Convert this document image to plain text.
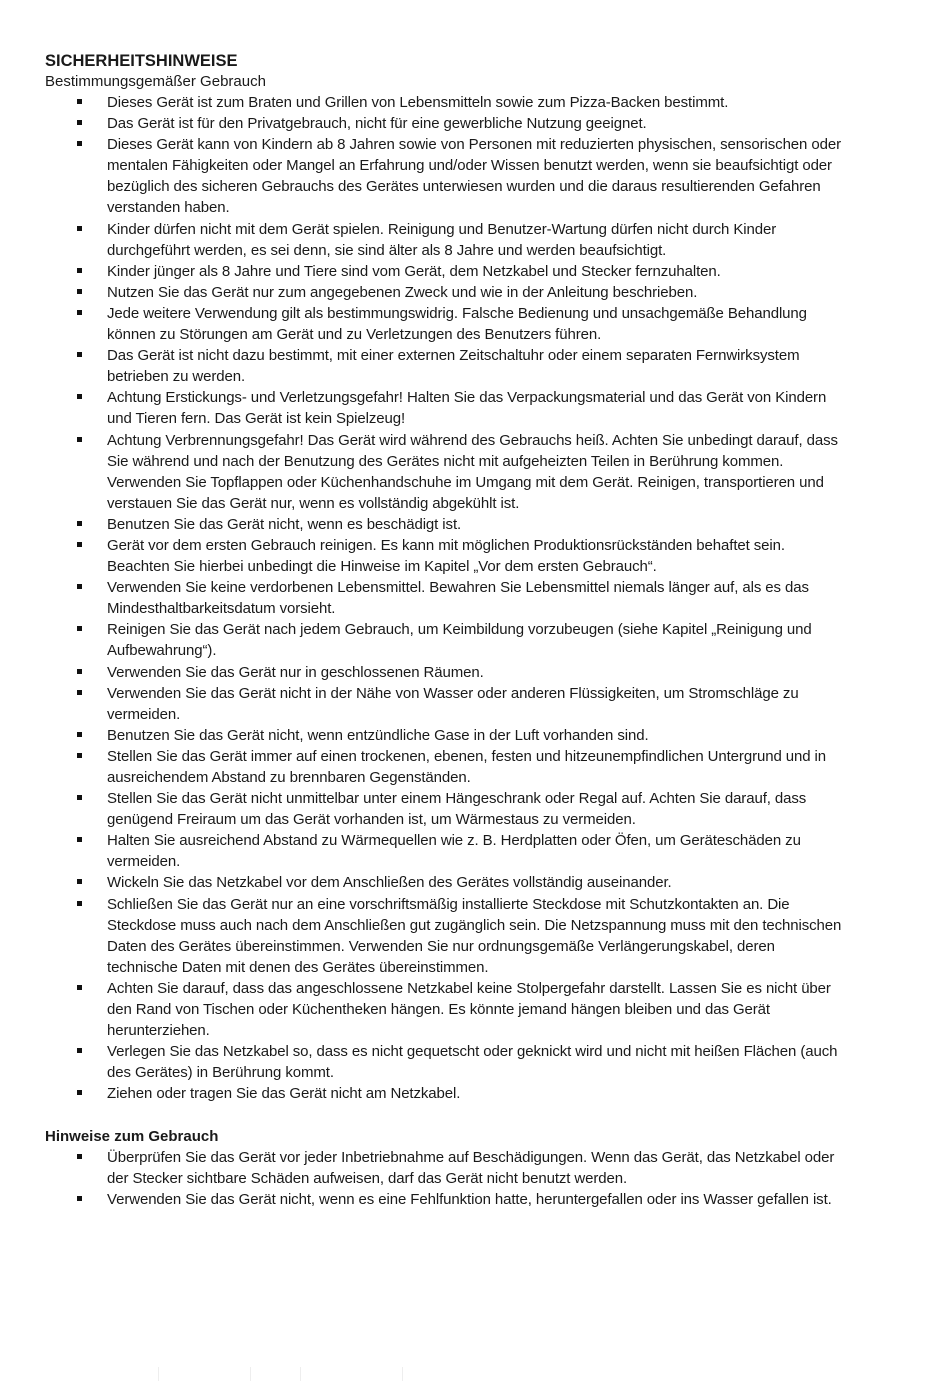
SICHERHEITSHINWEISE

Bestimmungsgemäßer Gebrauch

Dieses Gerät ist zum Braten und Grillen von Lebensmitteln sowie zum Pizza-Backen bestimmt.
Das Gerät ist für den Privatgebrauch, nicht für eine gewerbliche Nutzung geeignet.
Dieses Gerät kann von Kindern ab 8 Jahren sowie von Personen mit reduzierten physischen, sensorischen oder mentalen Fähigkeiten oder Mangel an Erfahrung und/oder Wissen benutzt werden, wenn sie beaufsichtigt oder bezüglich des sicheren Gebrauchs des Gerätes unterwiesen wurden und die daraus resultierenden Gefahren verstanden haben.
Kinder dürfen nicht mit dem Gerät spielen. Reinigung und Benutzer-Wartung dürfen nicht durch Kinder durchgeführt werden, es sei denn, sie sind älter als 8 Jahre und werden beaufsichtigt.
Kinder jünger als 8 Jahre und Tiere sind vom Gerät, dem Netzkabel und Stecker fernzuhalten.
Nutzen Sie das Gerät nur zum angegebenen Zweck und wie in der Anleitung beschrieben.
Jede weitere Verwendung gilt als bestimmungswidrig. Falsche Bedienung und unsachgemäße Behandlung können zu Störungen am Gerät und zu Verletzungen des Benutzers führen.
Das Gerät ist nicht dazu bestimmt, mit einer externen Zeitschaltuhr oder einem separaten Fernwirksystem betrieben zu werden.
Achtung Erstickungs- und Verletzungsgefahr! Halten Sie das Verpackungsmaterial und das Gerät von Kindern und Tieren fern. Das Gerät ist kein Spielzeug!
Achtung Verbrennungsgefahr! Das Gerät wird während des Gebrauchs heiß. Achten Sie unbedingt darauf, dass Sie während und nach der Benutzung des Gerätes nicht mit aufgeheizten Teilen in Berührung kommen. Verwenden Sie Topflappen oder Küchenhandschuhe im Umgang mit dem Gerät. Reinigen, transportieren und verstauen Sie das Gerät nur, wenn es vollständig abgekühlt ist.
Benutzen Sie das Gerät nicht, wenn es beschädigt ist.
Gerät vor dem ersten Gebrauch reinigen. Es kann mit möglichen Produktionsrückständen behaftet sein. Beachten Sie hierbei unbedingt die Hinweise im Kapitel „Vor dem ersten Gebrauch“.
Verwenden Sie keine verdorbenen Lebensmittel. Bewahren Sie Lebensmittel niemals länger auf, als es das Mindesthaltbarkeitsdatum vorsieht.
Reinigen Sie das Gerät nach jedem Gebrauch, um Keimbildung vorzubeugen (siehe Kapitel „Reinigung und Aufbewahrung“).
Verwenden Sie das Gerät nur in geschlossenen Räumen.
Verwenden Sie das Gerät nicht in der Nähe von Wasser oder anderen Flüssigkeiten, um Stromschläge zu vermeiden.
Benutzen Sie das Gerät nicht, wenn entzündliche Gase in der Luft vorhanden sind.
Stellen Sie das Gerät immer auf einen trockenen, ebenen, festen und hitzeunempfindlichen Untergrund und in ausreichendem Abstand zu brennbaren Gegenständen.
Stellen Sie das Gerät nicht unmittelbar unter einem Hängeschrank oder Regal auf. Achten Sie darauf, dass genügend Freiraum um das Gerät vorhanden ist, um Wärmestaus zu vermeiden.
Halten Sie ausreichend Abstand zu Wärmequellen wie z. B. Herdplatten oder Öfen, um Geräteschäden zu vermeiden.
Wickeln Sie das Netzkabel vor dem Anschließen des Gerätes vollständig auseinander.
Schließen Sie das Gerät nur an eine vorschriftsmäßig installierte Steckdose mit Schutzkontakten an. Die Steckdose muss auch nach dem Anschließen gut zugänglich sein. Die Netzspannung muss mit den technischen Daten des Gerätes übereinstimmen. Verwenden Sie nur ordnungsgemäße Verlängerungskabel, deren technische Daten mit denen des Gerätes übereinstimmen.
Achten Sie darauf, dass das angeschlossene Netzkabel keine Stolpergefahr darstellt. Lassen Sie es nicht über den Rand von Tischen oder Küchentheken hängen. Es könnte jemand hängen bleiben und das Gerät herunterziehen.
Verlegen Sie das Netzkabel so, dass es nicht gequetscht oder geknickt wird und nicht mit heißen Flächen (auch des Gerätes) in Berührung kommt.
Ziehen oder tragen Sie das Gerät nicht am Netzkabel.
Hinweise zum Gebrauch
Überprüfen Sie das Gerät vor jeder Inbetriebnahme auf Beschädigungen. Wenn das Gerät, das Netzkabel oder der Stecker sichtbare Schäden aufweisen, darf das Gerät nicht benutzt werden.
Verwenden Sie das Gerät nicht, wenn es eine Fehlfunktion hatte, heruntergefallen oder ins Wasser gefallen ist.
